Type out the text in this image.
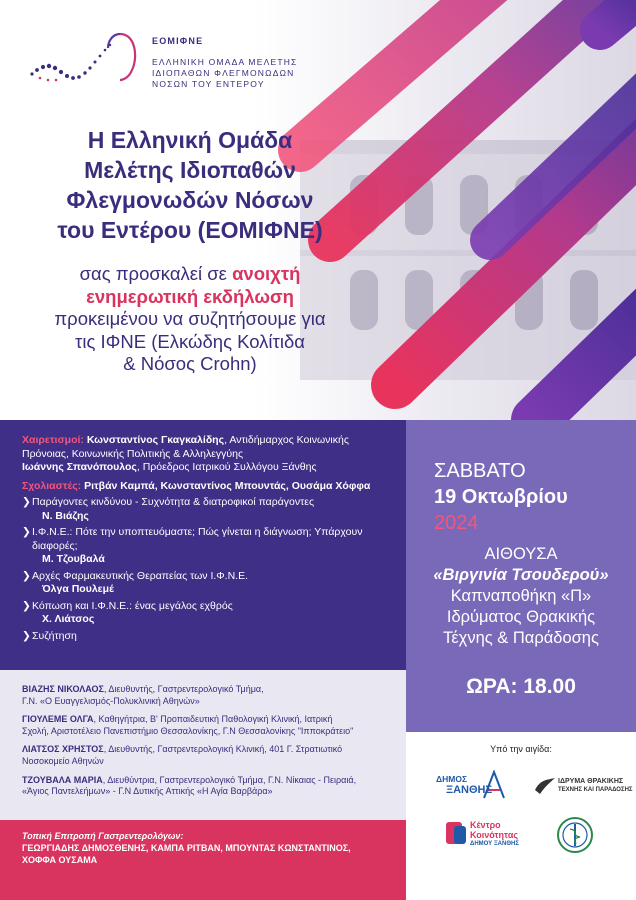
ΕΟΜΙΦΝΕ
ΕΛΛΗΝΙΚΗ ΟΜΑΔΑ ΜΕΛΕΤΗΣ
ΙΔΙΟΠΑΘΩΝ ΦΛΕΓΜΟΝΩΔΩΝ
ΝΟΣΩΝ ΤΟΥ ΕΝΤΕΡΟΥ
Η Ελληνική Ομάδα
Μελέτης Ιδιοπαθών
Φλεγμονωδών Νόσων
του Εντέρου (ΕΟΜΙΦΝΕ)
σας προσκαλεί σε ανοιχτή
ενημερωτική εκδήλωση
προκειμένου να συζητήσουμε για
τις ΙΦΝΕ (Ελκώδης Κολίτιδα
& Νόσος Crohn)
Χαιρετισμοί: Κωνσταντίνος Γκαγκαλίδης, Αντιδήμαρχος Κοινωνικής Πρόνοιας, Κοινωνικής Πολιτικής & Αλληλεγγύης
Ιωάννης Σπανόπουλος, Πρόεδρος Ιατρικού Συλλόγου Ξάνθης
Σχολιαστές: Ριτβάν Καμπά, Κωνσταντίνος Μπουντάς, Ουσάμα Χόφφα
❯ Παράγοντες κινδύνου - Συχνότητα & διατροφικοί παράγοντες
Ν. Βιάζης
❯ Ι.Φ.Ν.Ε.: Πότε την υποπτευόμαστε; Πώς γίνεται η διάγνωση; Υπάρχουν διαφορές;
Μ. Τζουβαλά
❯ Αρχές Φαρμακευτικής Θεραπείας των Ι.Φ.Ν.Ε.
Όλγα Πουλεμέ
❯ Κόπωση και Ι.Φ.Ν.Ε.: ένας μεγάλος εχθρός
Χ. Λιάτσος
❯ Συζήτηση
ΣΑΒΒΑΤΟ
19 Οκτωβρίου
2024
ΑΙΘΟΥΣΑ
«Βιργινία Τσουδερού»
Καπναποθήκη «Π»
Ιδρύματος Θρακικής
Τέχνης & Παράδοσης
ΩΡΑ: 18.00
ΒΙΑΖΗΣ ΝΙΚΟΛΑΟΣ, Διευθυντής, Γαστρεντερολογικό Τμήμα,
Γ.Ν. «Ο Ευαγγελισμός-Πολυκλινική Αθηνών»
ΓΙΟΥΛΕΜΕ ΟΛΓΑ, Καθηγήτρια, Β' Προπαιδευτική Παθολογική Κλινική, Ιατρική
Σχολή, Αριστοτέλειο Πανεπιστήμιο Θεσσαλονίκης, Γ.Ν Θεσσαλονίκης "Ιπποκράτειο"
ΛΙΑΤΣΟΣ ΧΡΗΣΤΟΣ, Διευθυντής, Γαστρεντερολογική Κλινική, 401 Γ. Στρατιωτικό
Νοσοκομείο Αθηνών
ΤΖΟΥΒΑΛΑ ΜΑΡΙΑ, Διευθύντρια, Γαστρεντερολογικό Τμήμα, Γ.Ν. Νίκαιας - Πειραιά,
«Άγιος Παντελεήμων» - Γ.Ν Δυτικής Αττικής «Η Αγία Βαρβάρα»
Υπό την αιγίδα:
ΔΗΜΟΣ
ΞΑΝΘΗΣ
ΙΔΡΥΜΑ ΘΡΑΚΙΚΗΣ
ΤΕΧΝΗΣ ΚΑΙ ΠΑΡΑΔΟΣΗΣ
Κέντρο
Κοινότητας
ΔΗΜΟΥ ΞΑΝΘΗΣ
Τοπική Επιτροπή Γαστρεντερολόγων:
ΓΕΩΡΓΙΑΔΗΣ ΔΗΜΟΣΘΕΝΗΣ, ΚΑΜΠΑ ΡΙΤΒΑΝ, ΜΠΟΥΝΤΑΣ ΚΩΝΣΤΑΝΤΙΝΟΣ,
ΧΟΦΦΑ ΟΥΣΑΜΑ
